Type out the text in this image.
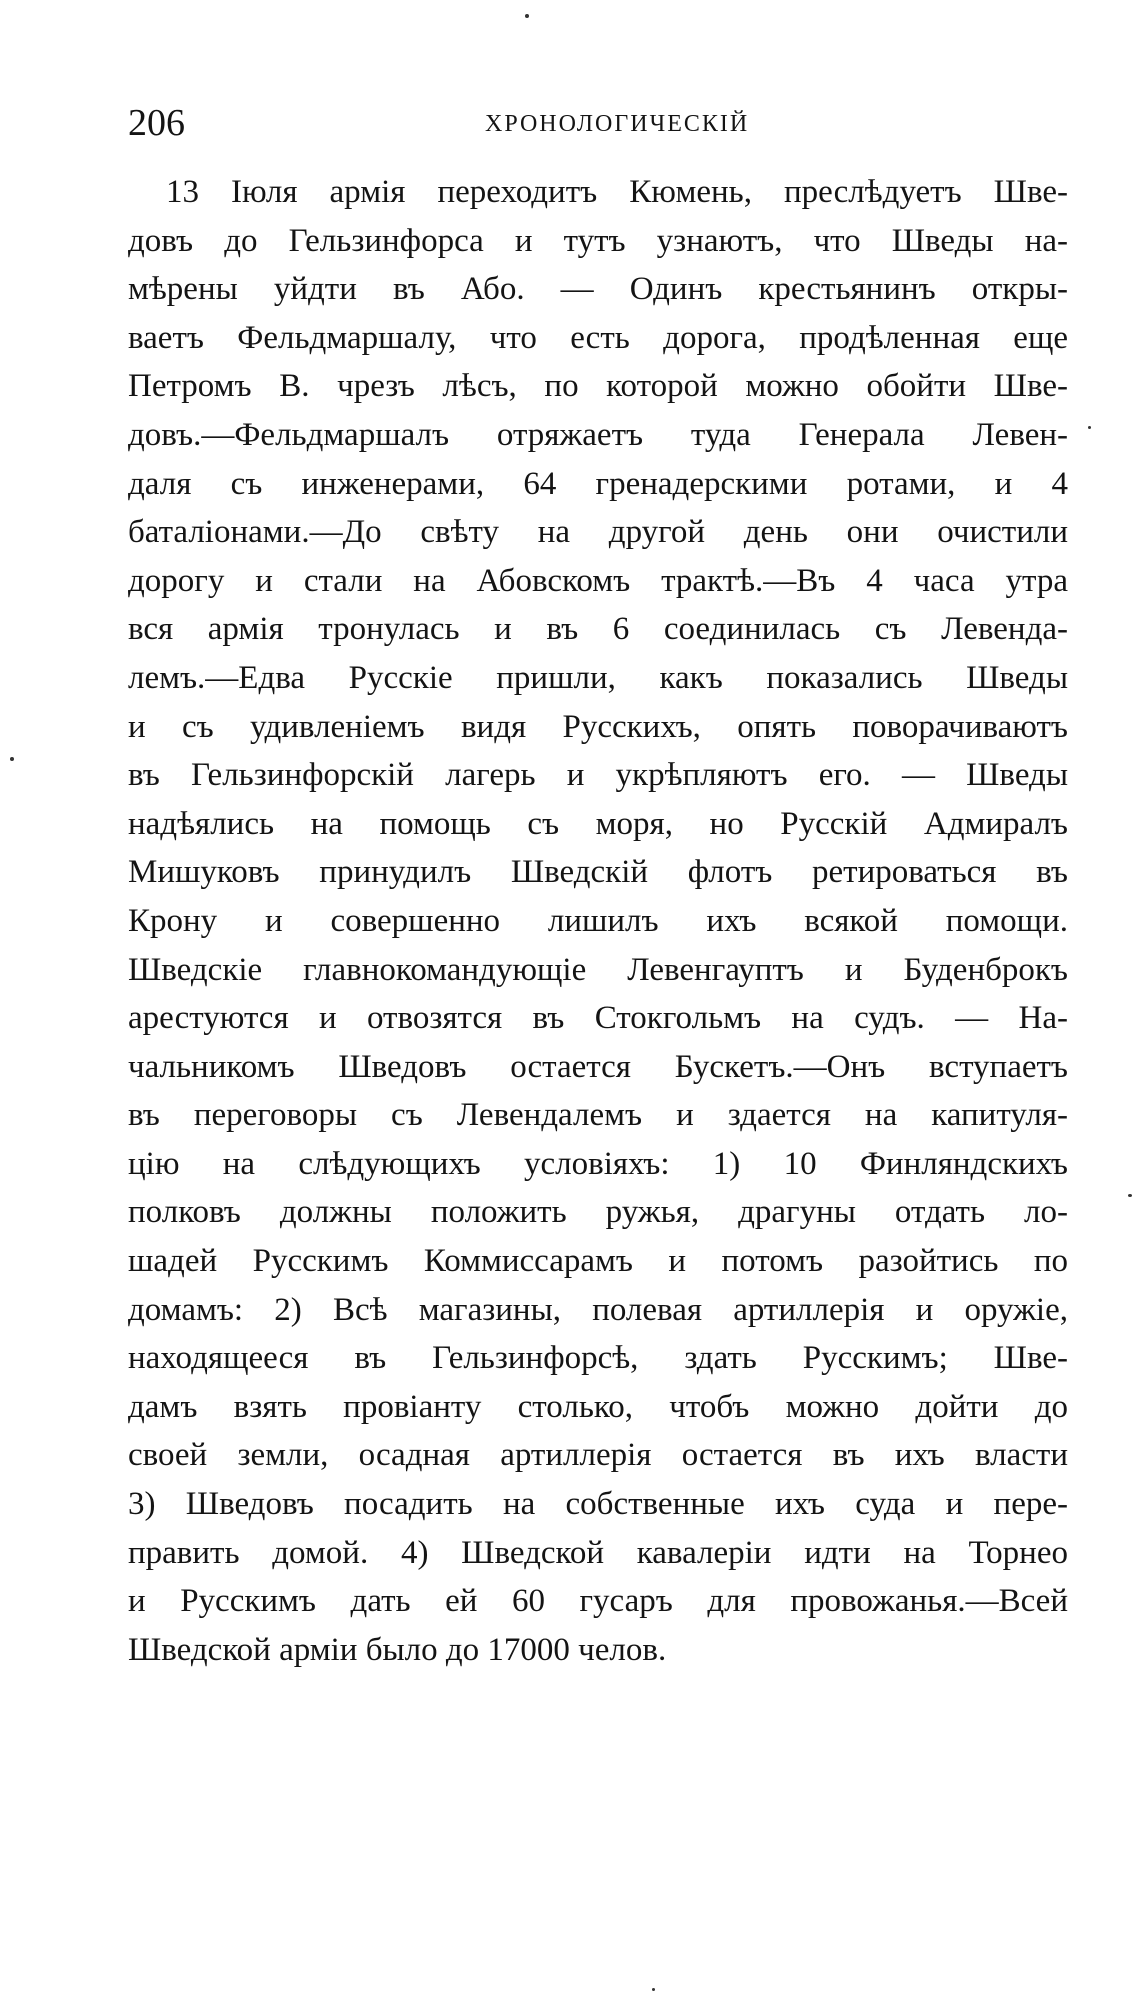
206	ХРОНОЛОГИЧЕСКІЙ
13 Іюля армія переходитъ Кюмень, преслѣдуетъ Шве-
довъ до Гельзинфорса и тутъ узнаютъ, что Шведы на-
мѣрены уйдти въ Або. — Одинъ крестьянинъ откры-
ваетъ Фельдмаршалу, что есть дорога, продѣленная еще
Петромъ В. чрезъ лѣсъ, по которой можно обойти Шве-
довъ.—Фельдмаршалъ отряжаетъ туда Генерала Левен-
даля съ инженерами, 64 гренадерскими ротами, и 4
баталіонами.—До свѣту на другой день они очистили
дорогу и стали на Абовскомъ трактѣ.—Въ 4 часа утра
вся армія тронулась и въ 6 соединилась съ Левенда-
лемъ.—Едва Русскіе пришли, какъ показались Шведы
и съ удивленіемъ видя Русскихъ, опять поворачиваютъ
въ Гельзинфорскій лагерь и укрѣпляютъ его. — Шведы
надѣялись на помощь съ моря, но Русскій Адмиралъ
Мишуковъ принудилъ Шведскій флотъ ретироваться въ
Крону и совершенно лишилъ ихъ всякой помощи.
Шведскіе главнокомандующіе Левенгауптъ и Буденброкъ
арестуются и отвозятся въ Стокгольмъ на судъ. — На-
чальникомъ Шведовъ остается Бускетъ.—Онъ вступаетъ
въ переговоры съ Левендалемъ и здается на капитуля-
цію на слѣдующихъ условіяхъ: 1) 10 Финляндскихъ
полковъ должны положить ружья, драгуны отдать ло-
шадей Русскимъ Коммиссарамъ и потомъ разойтись по
домамъ: 2) Всѣ магазины, полевая артиллерія и оружіе,
находящееся въ Гельзинфорсѣ, здать Русскимъ; Шве-
дамъ взять провіанту столько, чтобъ можно дойти до
своей земли, осадная артиллерія остается въ ихъ власти
3) Шведовъ посадить на собственные ихъ суда и пере-
править домой. 4) Шведской кавалеріи идти на Торнео
и Русскимъ дать ей 60 гусаръ для провожанья.—Всей
Шведской арміи было до 17000 челов.
